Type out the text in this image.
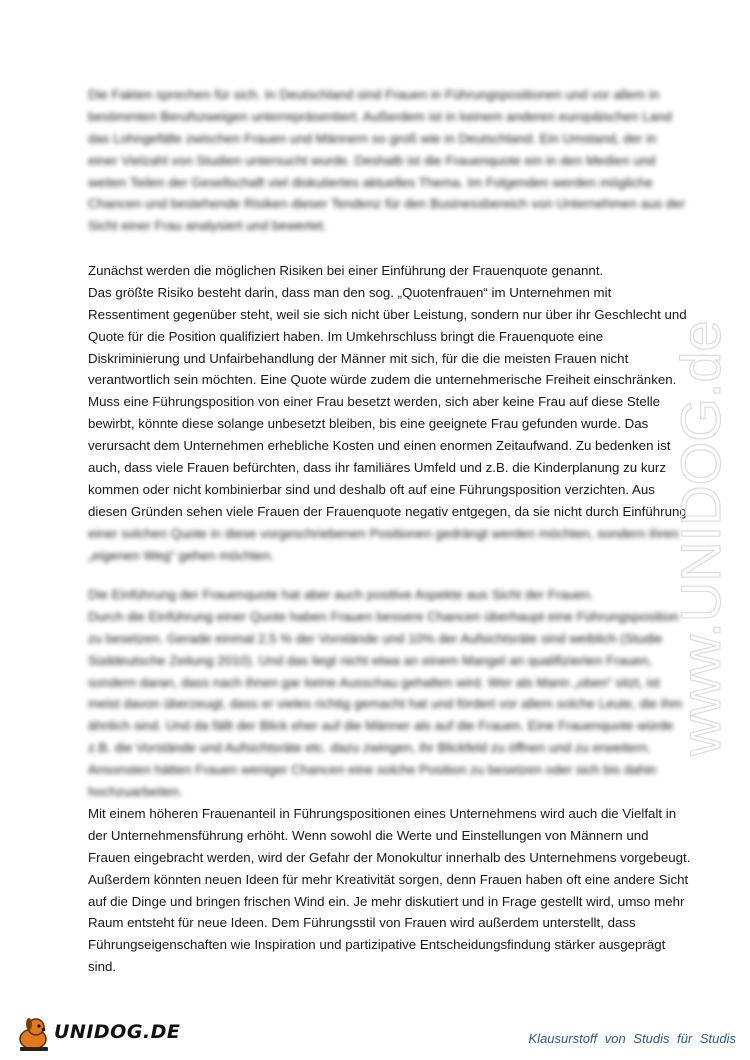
Die Fakten sprechen für sich. In Deutschland sind Frauen in Führungspositionen und vor allem in
bestimmten Berufszweigen unterrepräsentiert. Außerdem ist in keinem anderen europäischen Land
das Lohngefälle zwischen Frauen und Männern so groß wie in Deutschland. Ein Umstand, der in
einer Vielzahl von Studien untersucht wurde. Deshalb ist die Frauenquote ein in den Medien und
weiten Teilen der Gesellschaft viel diskutiertes aktuelles Thema. Im Folgenden werden mögliche
Chancen und bestehende Risiken dieser Tendenz für den Businessbereich von Unternehmen aus der
Sicht einer Frau analysiert und bewertet.
Zunächst werden die möglichen Risiken bei einer Einführung der Frauenquote genannt.
Das größte Risiko besteht darin, dass man den sog. „Quotenfrauen“ im Unternehmen mit
Ressentiment gegenüber steht, weil sie sich nicht über Leistung, sondern nur über ihr Geschlecht und
Quote für die Position qualifiziert haben. Im Umkehrschluss bringt die Frauenquote eine
Diskriminierung und Unfairbehandlung der Männer mit sich, für die die meisten Frauen nicht
verantwortlich sein möchten. Eine Quote würde zudem die unternehmerische Freiheit einschränken.
Muss eine Führungsposition von einer Frau besetzt werden, sich aber keine Frau auf diese Stelle
bewirbt, könnte diese solange unbesetzt bleiben, bis eine geeignete Frau gefunden wurde. Das
verursacht dem Unternehmen erhebliche Kosten und einen enormen Zeitaufwand. Zu bedenken ist
auch, dass viele Frauen befürchten, dass ihr familiäres Umfeld und z.B. die Kinderplanung zu kurz
kommen oder nicht kombinierbar sind und deshalb oft auf eine Führungsposition verzichten. Aus
diesen Gründen sehen viele Frauen der Frauenquote negativ entgegen, da sie nicht durch Einführung
einer solchen Quote in diese vorgeschriebenen Positionen gedrängt werden möchten, sondern ihren
„eigenen Weg“ gehen möchten.
Die Einführung der Frauenquote hat aber auch positive Aspekte aus Sicht der Frauen.
Durch die Einführung einer Quote haben Frauen bessere Chancen überhaupt eine Führungsposition
zu besetzen. Gerade einmal 2,5 % der Vorstände und 10% der Aufsichtsräte sind weiblich (Studie
Süddeutsche Zeitung 2010). Und das liegt nicht etwa an einem Mangel an qualifizierten Frauen,
sondern daran, dass nach ihnen gar keine Ausschau gehalten wird. Wer als Mann „oben“ sitzt, ist
meist davon überzeugt, dass er vieles richtig gemacht hat und fördert vor allem solche Leute, die ihm
ähnlich sind. Und da fällt der Blick eher auf die Männer als auf die Frauen. Eine Frauenquote würde
z.B. die Vorstände und Aufsichtsräte etc. dazu zwingen, ihr Blickfeld zu öffnen und zu erweitern.
Ansonsten hätten Frauen weniger Chancen eine solche Position zu besetzen oder sich bis dahin
hochzuarbeiten.
Mit einem höheren Frauenanteil in Führungspositionen eines Unternehmens wird auch die Vielfalt in
der Unternehmensführung erhöht. Wenn sowohl die Werte und Einstellungen von Männern und
Frauen eingebracht werden, wird der Gefahr der Monokultur innerhalb des Unternehmens vorgebeugt.
Außerdem könnten neuen Ideen für mehr Kreativität sorgen, denn Frauen haben oft eine andere Sicht
auf die Dinge und bringen frischen Wind ein. Je mehr diskutiert und in Frage gestellt wird, umso mehr
Raum entsteht für neue Ideen. Dem Führungsstil von Frauen wird außerdem unterstellt, dass
Führungseigenschaften wie Inspiration und partizipative Entscheidungsfindung stärker ausgeprägt
sind.
www.UNIDOG.de
UNIDOG.DE	Klausurstoff von Studis für Studis
